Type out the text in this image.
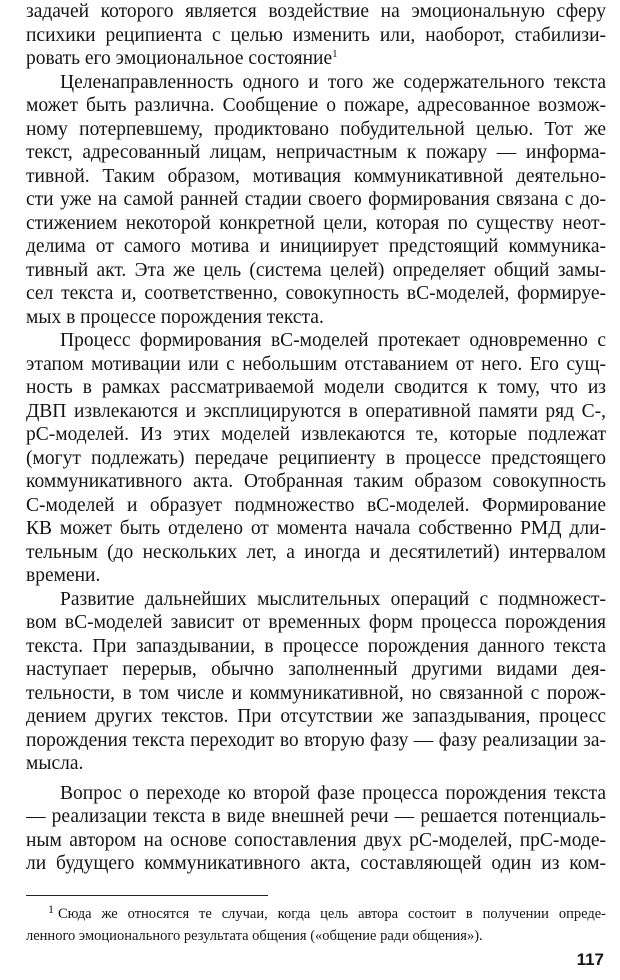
задачей которого является воздействие на эмоциональную сферу
психики реципиента с целью изменить или, наоборот, стабилизи-
ровать его эмоциональное состояние$^1$
Целенаправленность одного и того же содержательного текста
может быть различна. Сообщение о пожаре, адресованное возмож-
ному потерпевшему, продиктовано побудительной целью. Тот же
текст, адресованный лицам, непричастным к пожару — информа-
тивной. Таким образом, мотивация коммуникативной деятельно-
сти уже на самой ранней стадии своего формирования связана с до-
стижением некоторой конкретной цели, которая по существу неот-
делима от самого мотива и инициирует предстоящий коммуника-
тивный акт. Эта же цель (система целей) определяет общий замы-
сел текста и, соответственно, совокупность вС-моделей, формируе-
мых в процессе порождения текста.
Процесс формирования вС-моделей протекает одновременно с
этапом мотивации или с небольшим отставанием от него. Его сущ-
ность в рамках рассматриваемой модели сводится к тому, что из
ДВП извлекаются и эксплицируются в оперативной памяти ряд С-,
рС-моделей. Из этих моделей извлекаются те, которые подлежат
(могут подлежать) передаче реципиенту в процессе предстоящего
коммуникативного акта. Отобранная таким образом совокупность
С-моделей и образует подмножество вС-моделей. Формирование
КВ может быть отделено от момента начала собственно РМД дли-
тельным (до нескольких лет, а иногда и десятилетий) интервалом
времени.
Развитие дальнейших мыслительных операций с подмножест-
вом вС-моделей зависит от временных форм процесса порождения
текста. При запаздывании, в процессе порождения данного текста
наступает перерыв, обычно заполненный другими видами дея-
тельности, в том числе и коммуникативной, но связанной с порож-
дением других текстов. При отсутствии же запаздывания, процесс
порождения текста переходит во вторую фазу — фазу реализации за-
мысла.
Вопрос о переходе ко второй фазе процесса порождения текста
— реализации текста в виде внешней речи — решается потенциаль-
ным автором на основе сопоставления двух рС-моделей, прС-моде-
ли будущего коммуникативного акта, составляющей один из ком-
$^1$ Сюда же относятся те случаи, когда цель автора состоит в получении опреде-
ленного эмоционального результата общения («общение ради общения»).
117
